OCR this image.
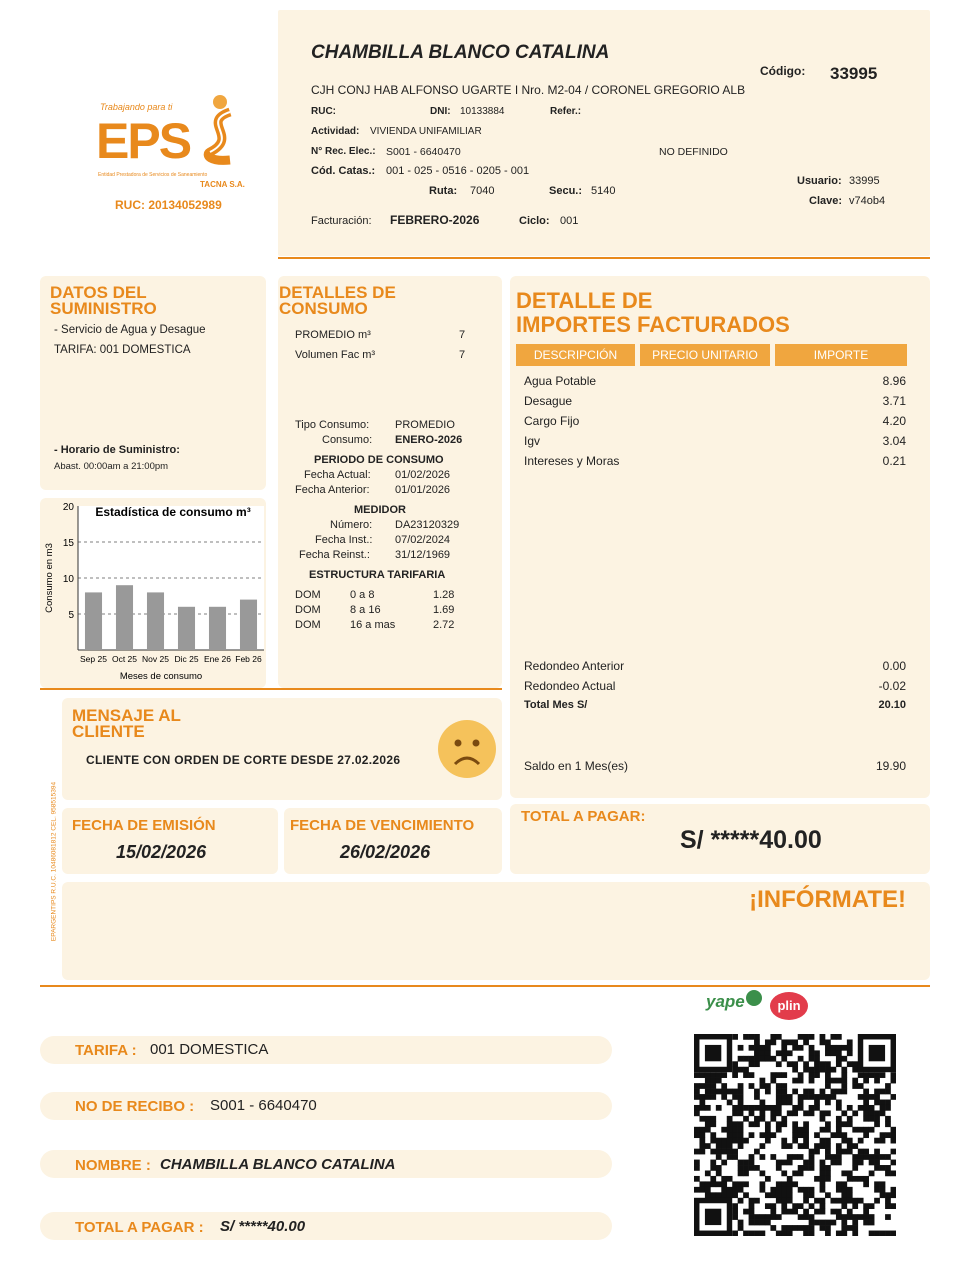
Trabajando para ti
EPS
Entidad Prestadora de Servicios de Saneamiento
TACNA S.A.
RUC: 20134052989
CHAMBILLA BLANCO CATALINA
CJH CONJ HAB ALFONSO UGARTE I Nro. M2-04 / CORONEL GREGORIO ALB
Código: 33995
RUC:	DNI: 10133884	Refer.:
Actividad: VIVIENDA UNIFAMILIAR
N° Rec. Elec.: S001 - 6640470	NO DEFINIDO
Cód. Catas.: 001 - 025 - 0516 - 0205 - 001
Ruta: 7040	Secu.: 5140
Usuario: 33995
Clave: v74ob4
Facturación: FEBRERO-2026	Ciclo: 001
DATOS DEL
SUMINISTRO
- Servicio de Agua y Desague
TARIFA: 001 DOMESTICA
- Horario de Suministro:
Abast. 00:00am a 21:00pm
5
10
15
20
Sep 25 Oct 25 Nov 25 Dic 25 Ene 26 Feb 26
Estadística de consumo m³
Meses de consumo
Consumo en m3
DETALLES DE
CONSUMO
PROMEDIO m³	7
Volumen Fac m³	7
Tipo Consumo: PROMEDIO
Consumo: ENERO-2026
PERIODO DE CONSUMO
Fecha Actual: 01/02/2026
Fecha Anterior: 01/01/2026
MEDIDOR
Número: DA23120329
Fecha Inst.: 07/02/2024
Fecha Reinst.: 31/12/1969
ESTRUCTURA TARIFARIA
DOM	0 a 8	1.28
DOM	8 a 16	1.69
DOM	16 a mas	2.72
DETALLE DE
IMPORTES FACTURADOS
DESCRIPCIÓN	PRECIO UNITARIO	IMPORTE
Agua Potable	8.96
Desague	3.71
Cargo Fijo	4.20
Igv	3.04
Intereses y Moras	0.21
Redondeo Anterior	0.00
Redondeo Actual	-0.02
Total Mes S/	20.10
Saldo en 1 Mes(es)	19.90
EPARGENTIPS R.U.C. 10486081812 CEL. 958515394
MENSAJE AL
CLIENTE
CLIENTE CON ORDEN DE CORTE DESDE 27.02.2026
FECHA DE EMISIÓN
15/02/2026
FECHA DE VENCIMIENTO
26/02/2026
TOTAL A PAGAR:
S/ *****40.00
¡INFÓRMATE!
yape	plin
TARIFA : 001 DOMESTICA
NO DE RECIBO : S001 - 6640470
NOMBRE : CHAMBILLA BLANCO CATALINA
TOTAL A PAGAR : S/ *****40.00
